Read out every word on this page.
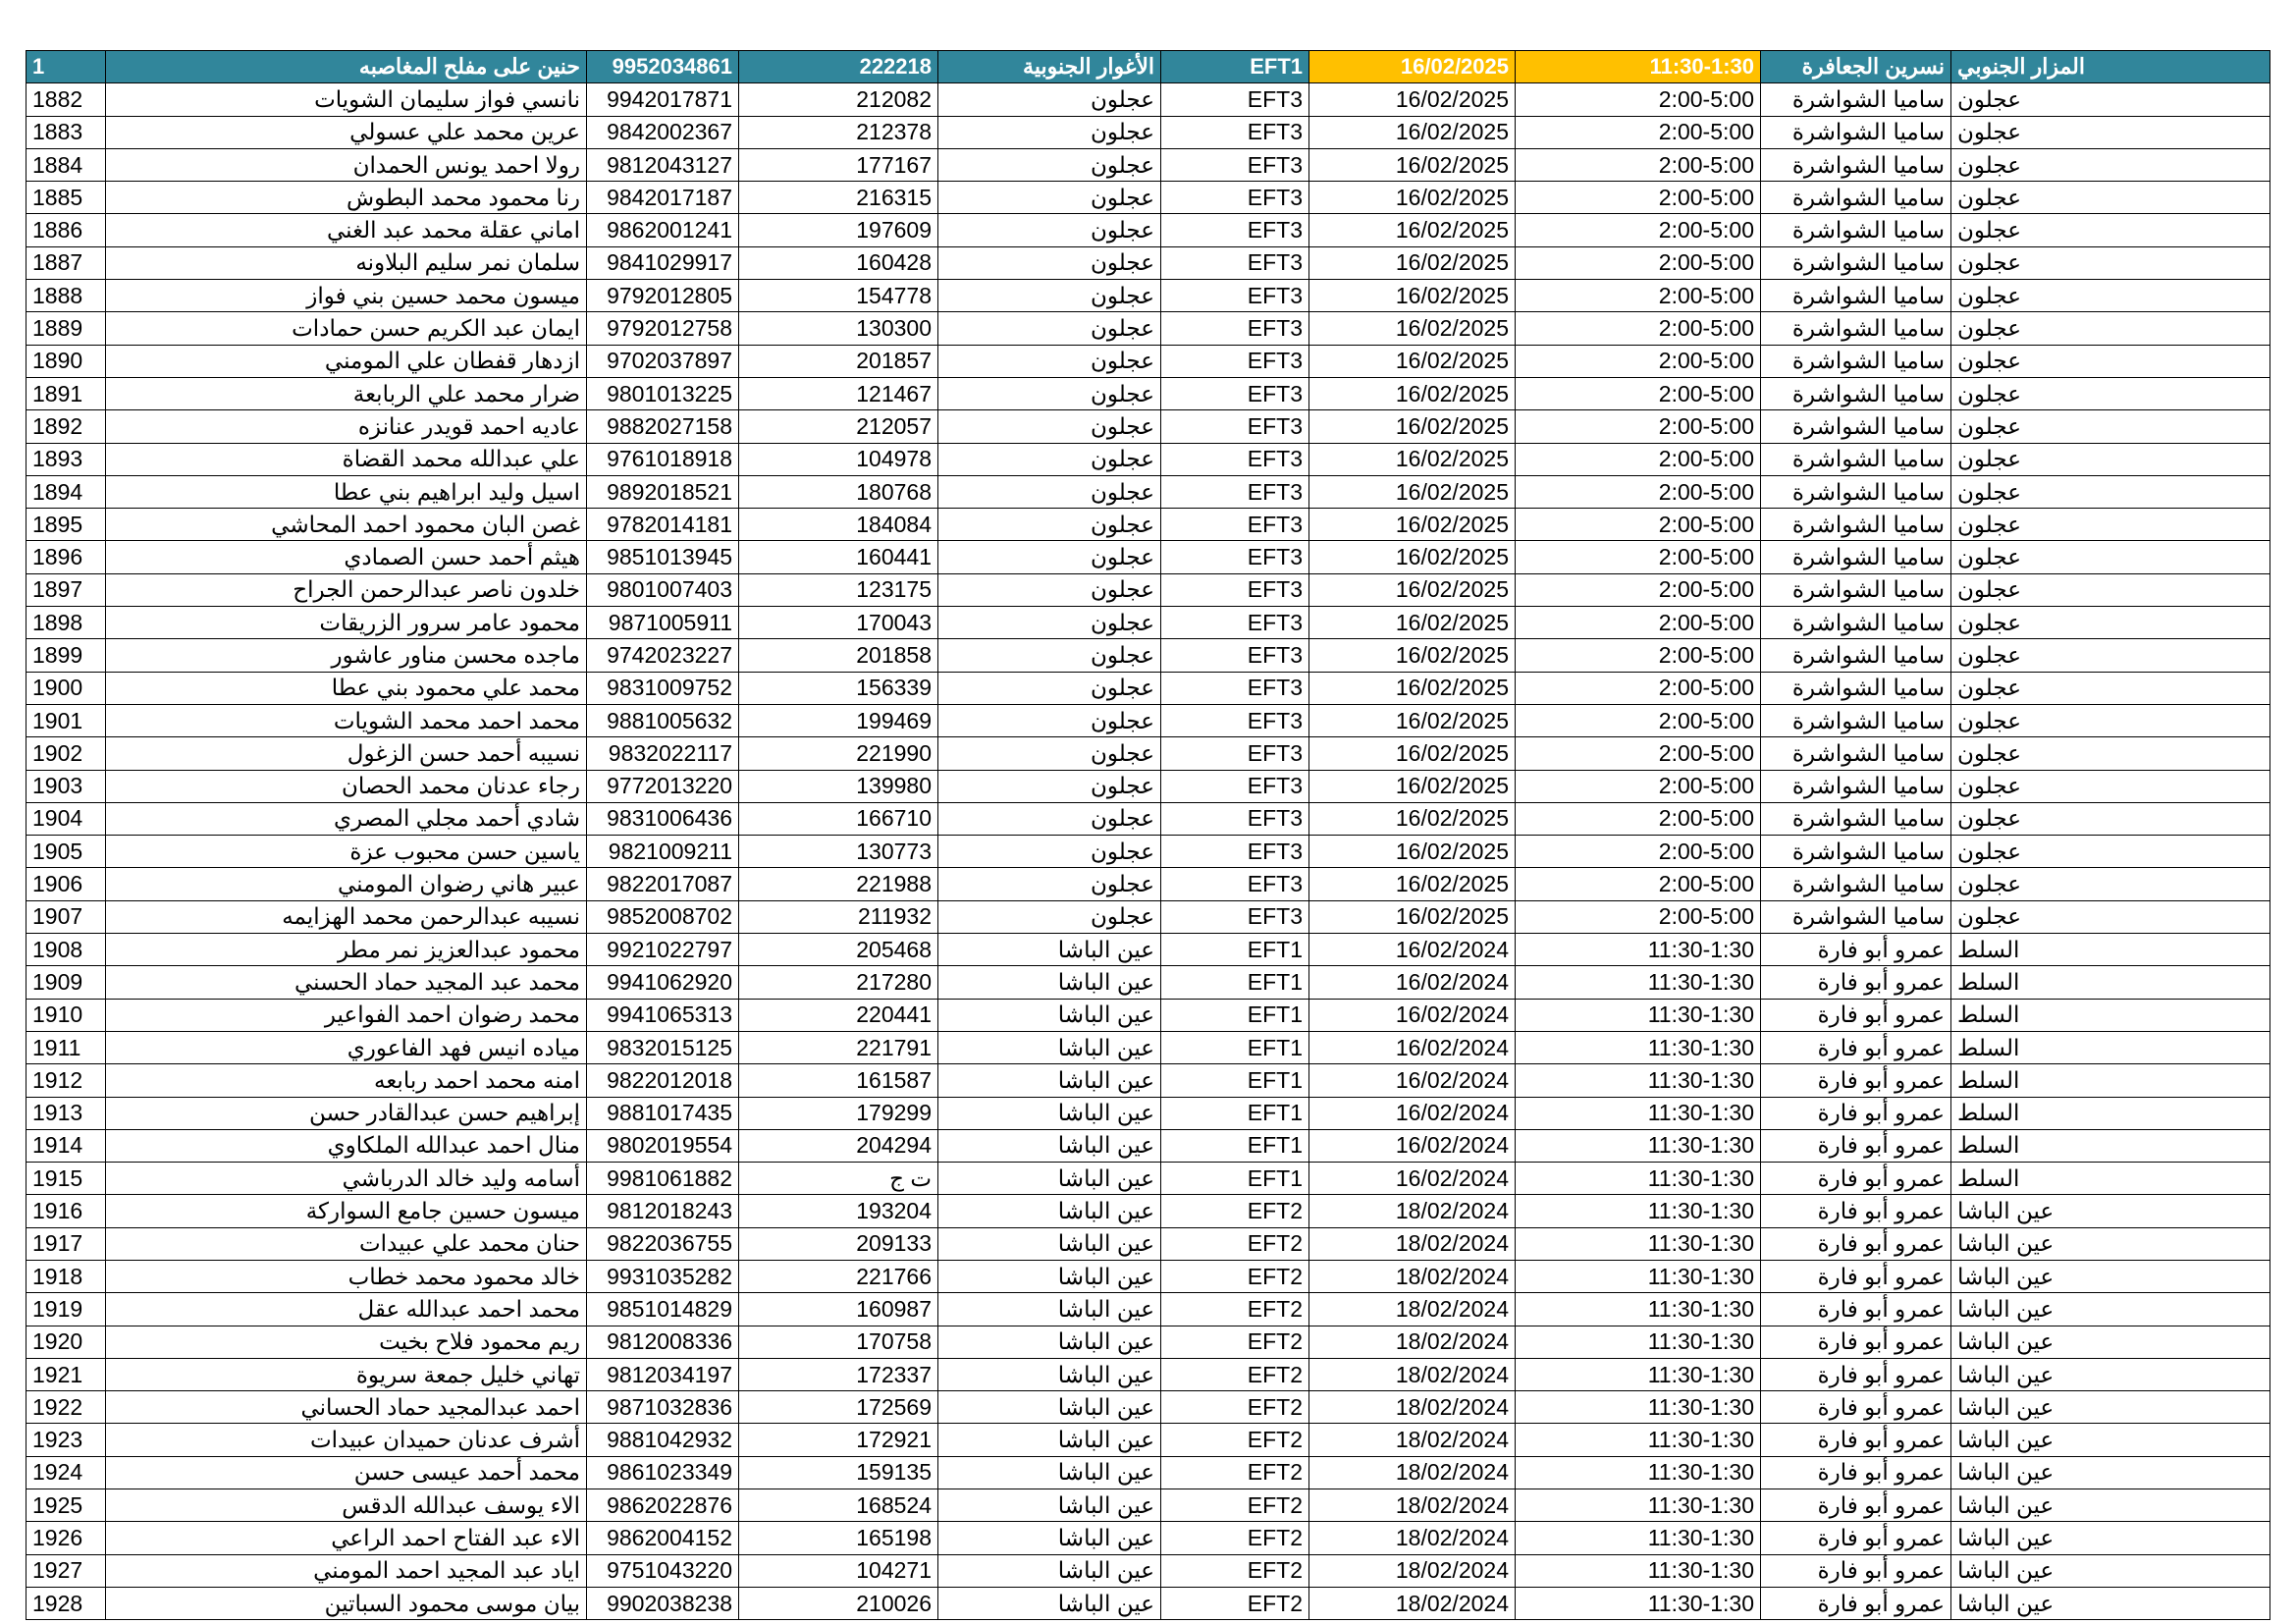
1	حنين على مفلح المغاصبه	9952034861	222218	الأغوار الجنوبية	EFT1	16/02/2025	11:30-1:30	نسرين الجعافرة	المزار الجنوبي
1882	نانسي فواز سليمان الشويات	9942017871	212082	عجلون	EFT3	16/02/2025	2:00-5:00	ساميا الشواشرة	عجلون
1883	عرين محمد علي عسولي	9842002367	212378	عجلون	EFT3	16/02/2025	2:00-5:00	ساميا الشواشرة	عجلون
1884	رولا احمد يونس الحمدان	9812043127	177167	عجلون	EFT3	16/02/2025	2:00-5:00	ساميا الشواشرة	عجلون
1885	رنا محمود محمد البطوش	9842017187	216315	عجلون	EFT3	16/02/2025	2:00-5:00	ساميا الشواشرة	عجلون
1886	اماني عقلة محمد عبد الغني	9862001241	197609	عجلون	EFT3	16/02/2025	2:00-5:00	ساميا الشواشرة	عجلون
1887	سلمان نمر سليم البلاونه	9841029917	160428	عجلون	EFT3	16/02/2025	2:00-5:00	ساميا الشواشرة	عجلون
1888	ميسون محمد حسين بني فواز	9792012805	154778	عجلون	EFT3	16/02/2025	2:00-5:00	ساميا الشواشرة	عجلون
1889	ايمان عبد الكريم حسن حمادات	9792012758	130300	عجلون	EFT3	16/02/2025	2:00-5:00	ساميا الشواشرة	عجلون
1890	ازدهار قفطان علي المومني	9702037897	201857	عجلون	EFT3	16/02/2025	2:00-5:00	ساميا الشواشرة	عجلون
1891	ضرار محمد علي الربابعة	9801013225	121467	عجلون	EFT3	16/02/2025	2:00-5:00	ساميا الشواشرة	عجلون
1892	عاديه احمد قويدر عنانزه	9882027158	212057	عجلون	EFT3	16/02/2025	2:00-5:00	ساميا الشواشرة	عجلون
1893	علي عبدالله محمد القضاة	9761018918	104978	عجلون	EFT3	16/02/2025	2:00-5:00	ساميا الشواشرة	عجلون
1894	اسيل وليد ابراهيم بني عطا	9892018521	180768	عجلون	EFT3	16/02/2025	2:00-5:00	ساميا الشواشرة	عجلون
1895	غصن البان محمود احمد المحاشي	9782014181	184084	عجلون	EFT3	16/02/2025	2:00-5:00	ساميا الشواشرة	عجلون
1896	هيثم أحمد حسن الصمادي	9851013945	160441	عجلون	EFT3	16/02/2025	2:00-5:00	ساميا الشواشرة	عجلون
1897	خلدون ناصر عبدالرحمن الجراح	9801007403	123175	عجلون	EFT3	16/02/2025	2:00-5:00	ساميا الشواشرة	عجلون
1898	محمود عامر سرور الزريقات	9871005911	170043	عجلون	EFT3	16/02/2025	2:00-5:00	ساميا الشواشرة	عجلون
1899	ماجده محسن مناور عاشور	9742023227	201858	عجلون	EFT3	16/02/2025	2:00-5:00	ساميا الشواشرة	عجلون
1900	محمد علي محمود بني عطا	9831009752	156339	عجلون	EFT3	16/02/2025	2:00-5:00	ساميا الشواشرة	عجلون
1901	محمد احمد محمد الشويات	9881005632	199469	عجلون	EFT3	16/02/2025	2:00-5:00	ساميا الشواشرة	عجلون
1902	نسيبه أحمد حسن الزغول	9832022117	221990	عجلون	EFT3	16/02/2025	2:00-5:00	ساميا الشواشرة	عجلون
1903	رجاء عدنان محمد الحصان	9772013220	139980	عجلون	EFT3	16/02/2025	2:00-5:00	ساميا الشواشرة	عجلون
1904	شادي أحمد مجلي المصري	9831006436	166710	عجلون	EFT3	16/02/2025	2:00-5:00	ساميا الشواشرة	عجلون
1905	ياسين حسن محبوب عزة	9821009211	130773	عجلون	EFT3	16/02/2025	2:00-5:00	ساميا الشواشرة	عجلون
1906	عبير هاني رضوان المومني	9822017087	221988	عجلون	EFT3	16/02/2025	2:00-5:00	ساميا الشواشرة	عجلون
1907	نسيبه عبدالرحمن محمد الهزايمه	9852008702	211932	عجلون	EFT3	16/02/2025	2:00-5:00	ساميا الشواشرة	عجلون
1908	محمود عبدالعزيز نمر مطر	9921022797	205468	عين الباشا	EFT1	16/02/2024	11:30-1:30	عمرو أبو فارة	السلط
1909	محمد عبد المجيد حماد الحسني	9941062920	217280	عين الباشا	EFT1	16/02/2024	11:30-1:30	عمرو أبو فارة	السلط
1910	محمد رضوان احمد الفواعير	9941065313	220441	عين الباشا	EFT1	16/02/2024	11:30-1:30	عمرو أبو فارة	السلط
1911	مياده انيس فهد الفاعوري	9832015125	221791	عين الباشا	EFT1	16/02/2024	11:30-1:30	عمرو أبو فارة	السلط
1912	امنه محمد احمد ربابعه	9822012018	161587	عين الباشا	EFT1	16/02/2024	11:30-1:30	عمرو أبو فارة	السلط
1913	إبراهيم حسن عبدالقادر حسن	9881017435	179299	عين الباشا	EFT1	16/02/2024	11:30-1:30	عمرو أبو فارة	السلط
1914	منال احمد عبدالله الملكاوي	9802019554	204294	عين الباشا	EFT1	16/02/2024	11:30-1:30	عمرو أبو فارة	السلط
1915	أسامه وليد خالد الدرباشي	9981061882	ت ج	عين الباشا	EFT1	16/02/2024	11:30-1:30	عمرو أبو فارة	السلط
1916	ميسون حسين جامع السواركة	9812018243	193204	عين الباشا	EFT2	18/02/2024	11:30-1:30	عمرو أبو فارة	عين الباشا
1917	حنان محمد علي عبيدات	9822036755	209133	عين الباشا	EFT2	18/02/2024	11:30-1:30	عمرو أبو فارة	عين الباشا
1918	خالد محمود محمد خطاب	9931035282	221766	عين الباشا	EFT2	18/02/2024	11:30-1:30	عمرو أبو فارة	عين الباشا
1919	محمد احمد عبدالله عقل	9851014829	160987	عين الباشا	EFT2	18/02/2024	11:30-1:30	عمرو أبو فارة	عين الباشا
1920	ريم محمود فلاح بخيت	9812008336	170758	عين الباشا	EFT2	18/02/2024	11:30-1:30	عمرو أبو فارة	عين الباشا
1921	تهاني خليل جمعة سريوة	9812034197	172337	عين الباشا	EFT2	18/02/2024	11:30-1:30	عمرو أبو فارة	عين الباشا
1922	احمد عبدالمجيد حماد الحساني	9871032836	172569	عين الباشا	EFT2	18/02/2024	11:30-1:30	عمرو أبو فارة	عين الباشا
1923	أشرف عدنان حميدان عبيدات	9881042932	172921	عين الباشا	EFT2	18/02/2024	11:30-1:30	عمرو أبو فارة	عين الباشا
1924	محمد أحمد عيسى حسن	9861023349	159135	عين الباشا	EFT2	18/02/2024	11:30-1:30	عمرو أبو فارة	عين الباشا
1925	الاء يوسف عبدالله الدقس	9862022876	168524	عين الباشا	EFT2	18/02/2024	11:30-1:30	عمرو أبو فارة	عين الباشا
1926	الاء عبد الفتاح احمد الراعي	9862004152	165198	عين الباشا	EFT2	18/02/2024	11:30-1:30	عمرو أبو فارة	عين الباشا
1927	اياد عبد المجيد احمد المومني	9751043220	104271	عين الباشا	EFT2	18/02/2024	11:30-1:30	عمرو أبو فارة	عين الباشا
1928	بيان موسى محمود السباتين	9902038238	210026	عين الباشا	EFT2	18/02/2024	11:30-1:30	عمرو أبو فارة	عين الباشا
